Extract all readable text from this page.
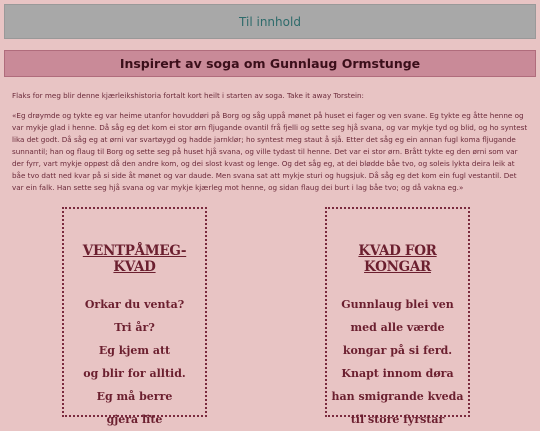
Til innhold
Inspirert av soga om Gunnlaug Ormstunge

Flaks for meg blir denne kjærleikshistoria fortalt kort heilt i starten av soga. Take it away Torstein:

«Eg drøymde og tykte eg var heime utanfor hovuddøri på Borg og såg uppå mønet på huset ei fager og ven svane. Eg tykte eg åtte henne og var mykje glad i henne. Då såg eg det kom ei stor ørn fljugande ovantil frå fjelli og sette seg hjå svana, og var mykje tyd og blid, og ho syntest lika det godt. Då såg eg at ørni var svartøygd og hadde jarnklør; ho syntest meg staut å sjå. Etter det såg eg ein annan fugl koma fljugande sunnantil; han og flaug til Borg og sette seg på huset hjå svana, og ville tydast til henne. Det var ei stor ørn. Brått tykte eg den ørni som var der fyrr, vart mykje oppøst då den andre kom, og dei slost kvast og lenge. Og det såg eg, at dei blødde båe tvo, og soleis lykta deira leik at båe tvo datt ned kvar på si side åt mønet og var daude. Men svana sat att mykje sturi og hugsjuk. Då såg eg det kom ein fugl vestantil. Det var ein falk. Han sette seg hjå svana og var mykje kjærleg mot henne, og sidan flaug dei burt i lag båe tvo; og då vakna eg.»

VENTPÅMEG-KVAD
Orkar du venta?
Tri år?
Eg kjem att
og blir for alltid.
Eg må berre
gjera lite
KVAD FOR KONGAR
Gunnlaug blei ven
med alle værde
kongar på si ferd.
Knapt innom døra
han smigrande kveda
til store fyrstar
